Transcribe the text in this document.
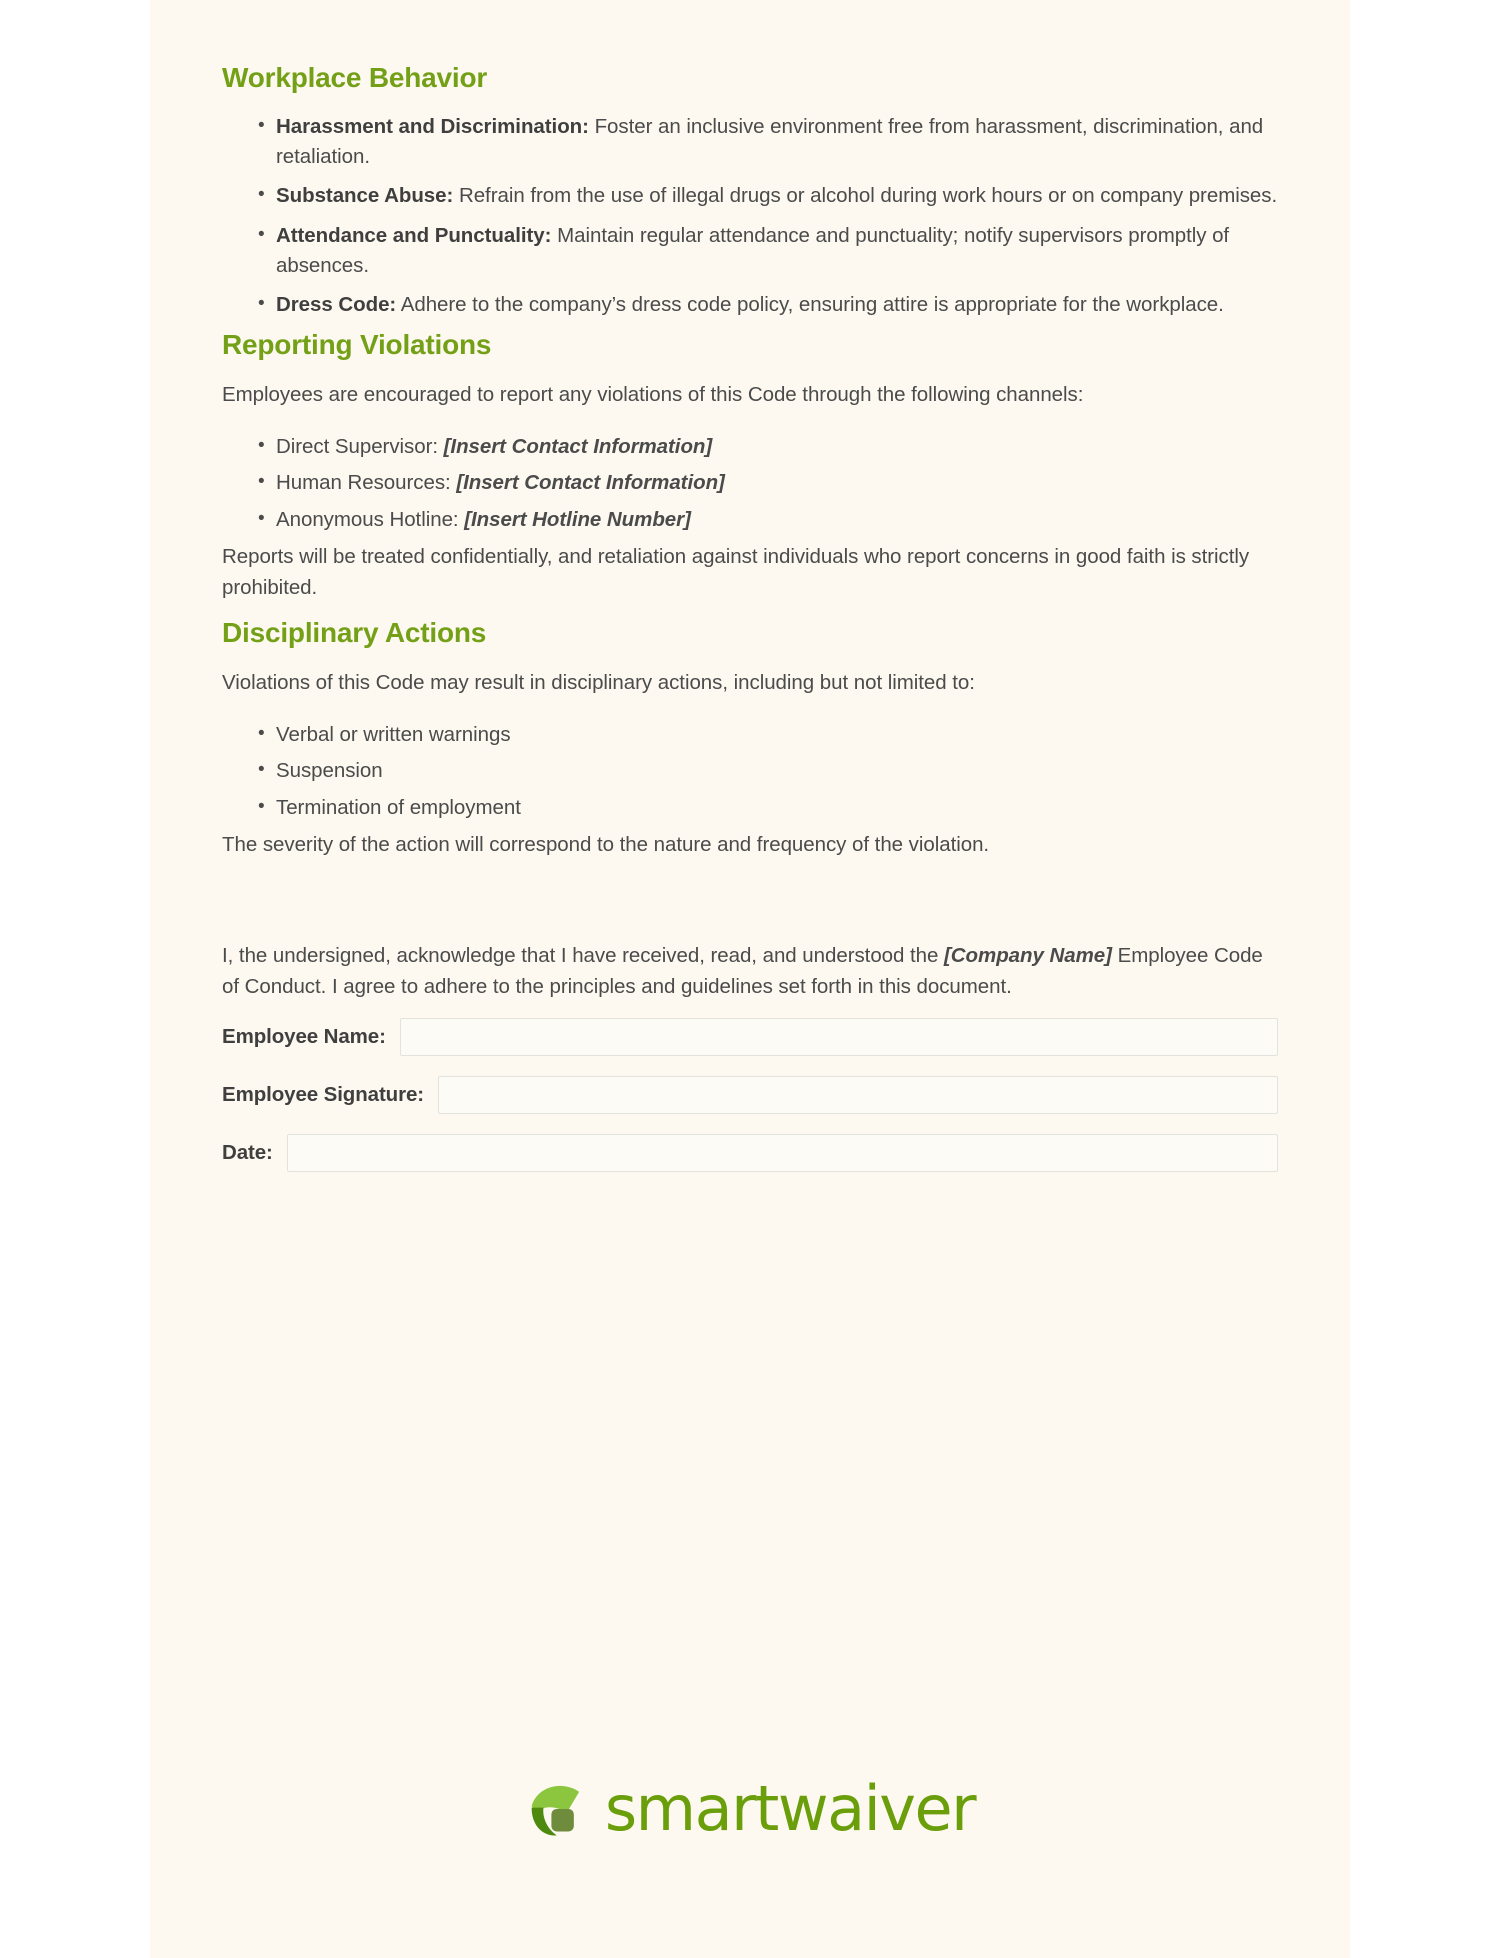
Workplace Behavior
• Harassment and Discrimination: Foster an inclusive environment free from harassment, discrimination, and retaliation.
• Substance Abuse: Refrain from the use of illegal drugs or alcohol during work hours or on company premises.
• Attendance and Punctuality: Maintain regular attendance and punctuality; notify supervisors promptly of absences.
• Dress Code: Adhere to the company’s dress code policy, ensuring attire is appropriate for the workplace.
Reporting Violations

Employees are encouraged to report any violations of this Code through the following channels:

• Direct Supervisor: [Insert Contact Information]
• Human Resources: [Insert Contact Information]
• Anonymous Hotline: [Insert Hotline Number]

Reports will be treated confidentially, and retaliation against individuals who report concerns in good faith is strictly prohibited.

Disciplinary Actions

Violations of this Code may result in disciplinary actions, including but not limited to:

• Verbal or written warnings
• Suspension
• Termination of employment

The severity of the action will correspond to the nature and frequency of the violation.

I, the undersigned, acknowledge that I have received, read, and understood the [Company Name] Employee Code of Conduct. I agree to adhere to the principles and guidelines set forth in this document.

Employee Name:
Employee Signature:
Date:
smartwaiver
